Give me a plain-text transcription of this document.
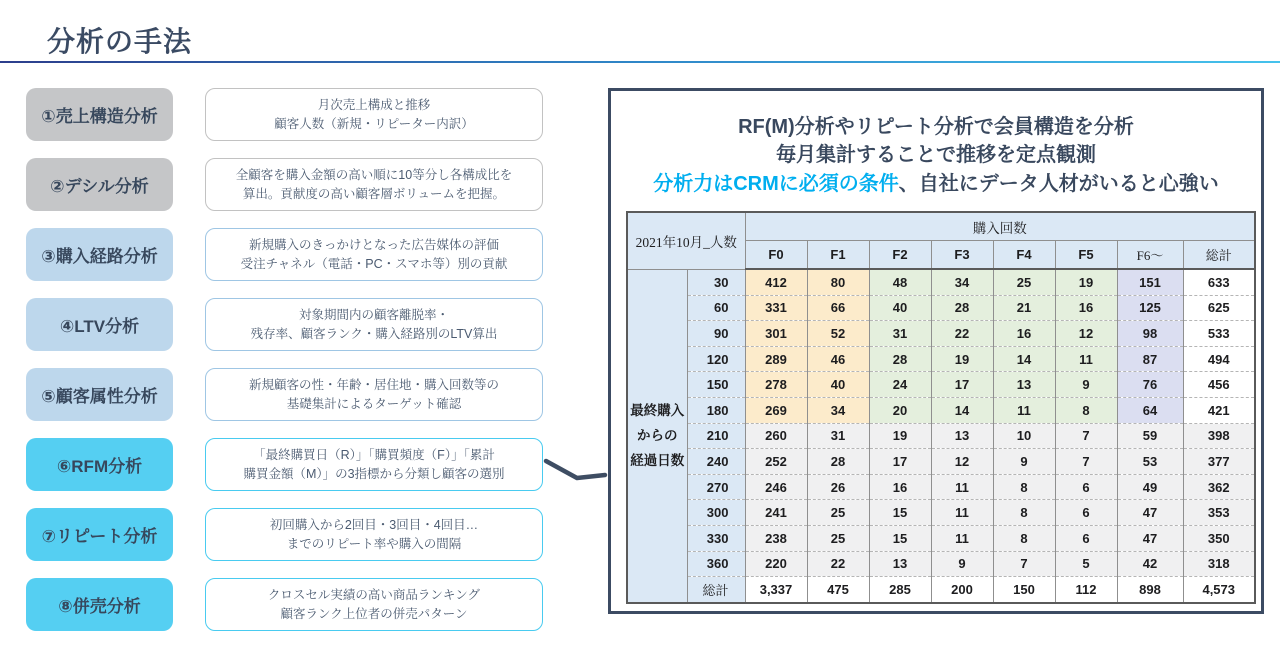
分析の手法
①売上構造分析
月次売上構成と推移
顧客人数（新規・リピーター内訳）
②デシル分析
全顧客を購入金額の高い順に10等分し各構成比を
算出。貢献度の高い顧客層ボリュームを把握。
③購入経路分析
新規購入のきっかけとなった広告媒体の評価
受注チャネル（電話・PC・スマホ等）別の貢献
④LTV分析
対象期間内の顧客離脱率・
残存率、顧客ランク・購入経路別のLTV算出
⑤顧客属性分析
新規顧客の性・年齢・居住地・購入回数等の
基礎集計によるターゲット確認
⑥RFM分析
「最終購買日（R）」「購買頻度（F）」「累計
購買金額（M）」の3指標から分類し顧客の選別
⑦リピート分析
初回購入から2回目・3回目・4回目…
までのリピート率や購入の間隔
⑧併売分析
クロスセル実績の高い商品ランキング
顧客ランク上位者の併売パターン
RF(M)分析やリピート分析で会員構造を分析
毎月集計することで推移を定点観測
分析力はCRMに必須の条件、自社にデータ人材がいると心強い
2021年10月_人数		購入回数							
		F0	F1	F2	F3	F4	F5	F6～	総計

最終購入
からの
経過日数	30	412	80	48	34	25	19	151	633
	60	331	66	40	28	21	16	125	625
	90	301	52	31	22	16	12	98	533
	120	289	46	28	19	14	11	87	494
	150	278	40	24	17	13	9	76	456
	180	269	34	20	14	11	8	64	421
	210	260	31	19	13	10	7	59	398
	240	252	28	17	12	9	7	53	377
	270	246	26	16	11	8	6	49	362
	300	241	25	15	11	8	6	47	353
	330	238	25	15	11	8	6	47	350
	360	220	22	13	9	7	5	42	318
	総計	3,337	475	285	200	150	112	898	4,573
